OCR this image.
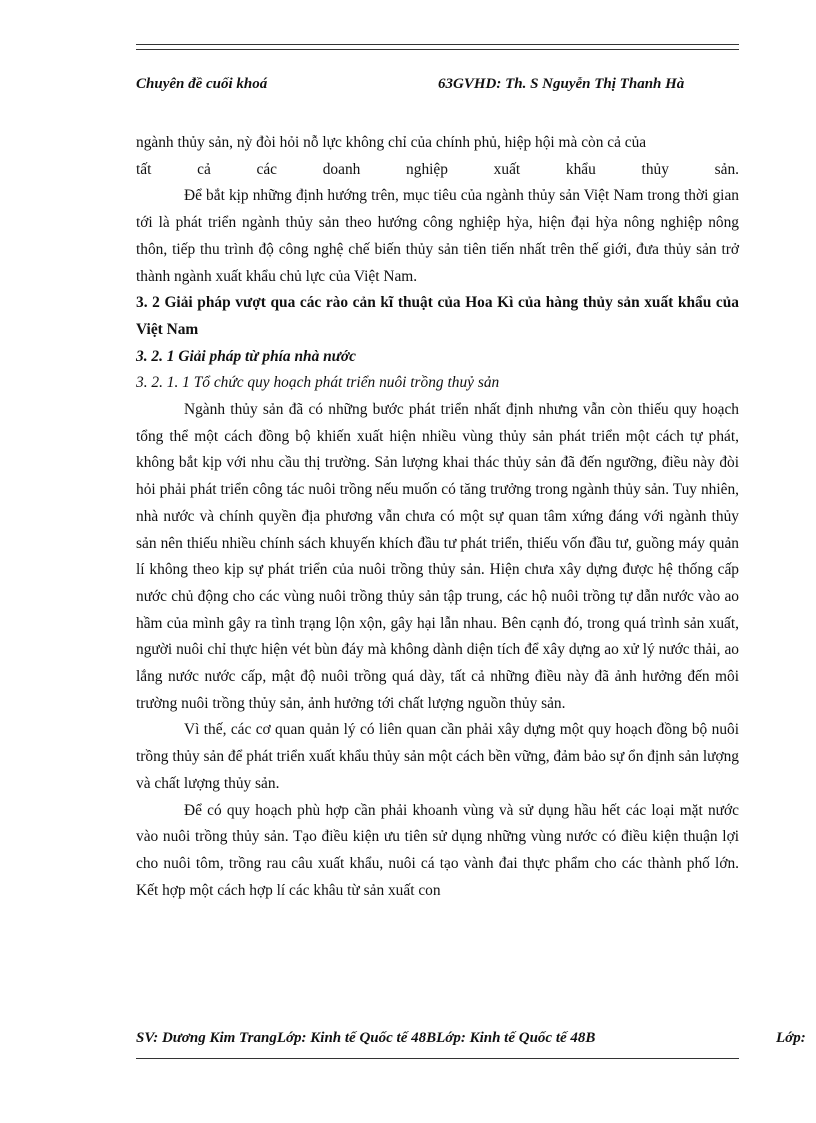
Chuyên đề cuối khoá	63GVHD: Th. S Nguyễn Thị Thanh Hà

ngành thủy sản, nỳ đòi hỏi nỗ lực không chỉ của chính phủ, hiệp hội mà còn cả của

tất cả các doanh nghiệp xuất khẩu thủy sản.

Để bắt kịp những định hướng trên, mục tiêu của ngành thủy sản Việt Nam trong thời gian tới là phát triển ngành thủy sản theo hướng công nghiệp hỳa, hiện đại hỳa nông nghiệp nông thôn, tiếp thu trình độ công nghệ chế biến thủy sản tiên tiến nhất trên thế giới, đưa thủy sản trở thành ngành xuất khẩu chủ lực của Việt Nam.

3. 2 Giải pháp vượt qua các rào cản kĩ thuật của Hoa Kì của hàng thủy sản xuất khẩu của Việt Nam

3. 2. 1 Giải pháp từ phía nhà nước

3. 2. 1. 1 Tổ chức quy hoạch phát triển nuôi trồng thuỷ sản

Ngành thủy sản đã có những bước phát triển nhất định nhưng vẫn còn thiếu quy hoạch tổng thể một cách đồng bộ khiến xuất hiện nhiều vùng thủy sản phát triển một cách tự phát, không bắt kịp với nhu cầu thị trường. Sản lượng khai thác thủy sản đã đến ngưỡng, điều này đòi hỏi phải phát triển công tác nuôi trồng nếu muốn có tăng trưởng trong ngành thủy sản. Tuy nhiên, nhà nước và chính quyền địa phương vẫn chưa có một sự quan tâm xứng đáng với ngành thủy sản nên thiếu nhiều chính sách khuyến khích đầu tư phát triển, thiếu vốn đầu tư, guồng máy quản lí không theo kịp sự phát triển của nuôi trồng thủy sản. Hiện chưa xây dựng được hệ thống cấp nước chủ động cho các vùng nuôi trồng thủy sản tập trung, các hộ nuôi trồng tự dẫn nước vào ao hầm của mình gây ra tình trạng lộn xộn, gây hại lẫn nhau. Bên cạnh đó, trong quá trình sản xuất, người nuôi chỉ thực hiện vét bùn đáy mà không dành diện tích để xây dựng ao xử lý nước thải, ao lắng nước nước cấp, mật độ nuôi trồng quá dày, tất cả những điều này đã ảnh hưởng đến môi trường nuôi trồng thủy sản, ảnh hưởng tới chất lượng nguồn thủy sản.

Vì thế, các cơ quan quản lý có liên quan cần phải xây dựng một quy hoạch đồng bộ nuôi trồng thủy sản để phát triển xuất khẩu thủy sản một cách bền vững, đảm bảo sự ổn định sản lượng và chất lượng thủy sản.

Để có quy hoạch phù hợp cần phải khoanh vùng và sử dụng hầu hết các loại mặt nước vào nuôi trồng thủy sản. Tạo điều kiện ưu tiên sử dụng những vùng nước có điều kiện thuận lợi cho nuôi tôm, trồng rau câu xuất khẩu, nuôi cá tạo vành đai thực phẩm cho các thành phố lớn. Kết hợp một cách hợp lí các khâu từ sản xuất con

SV: Dương Kim TrangLớp: Kinh tế Quốc tế 48BLớp: Kinh tế Quốc tế 48B	Lớp:
